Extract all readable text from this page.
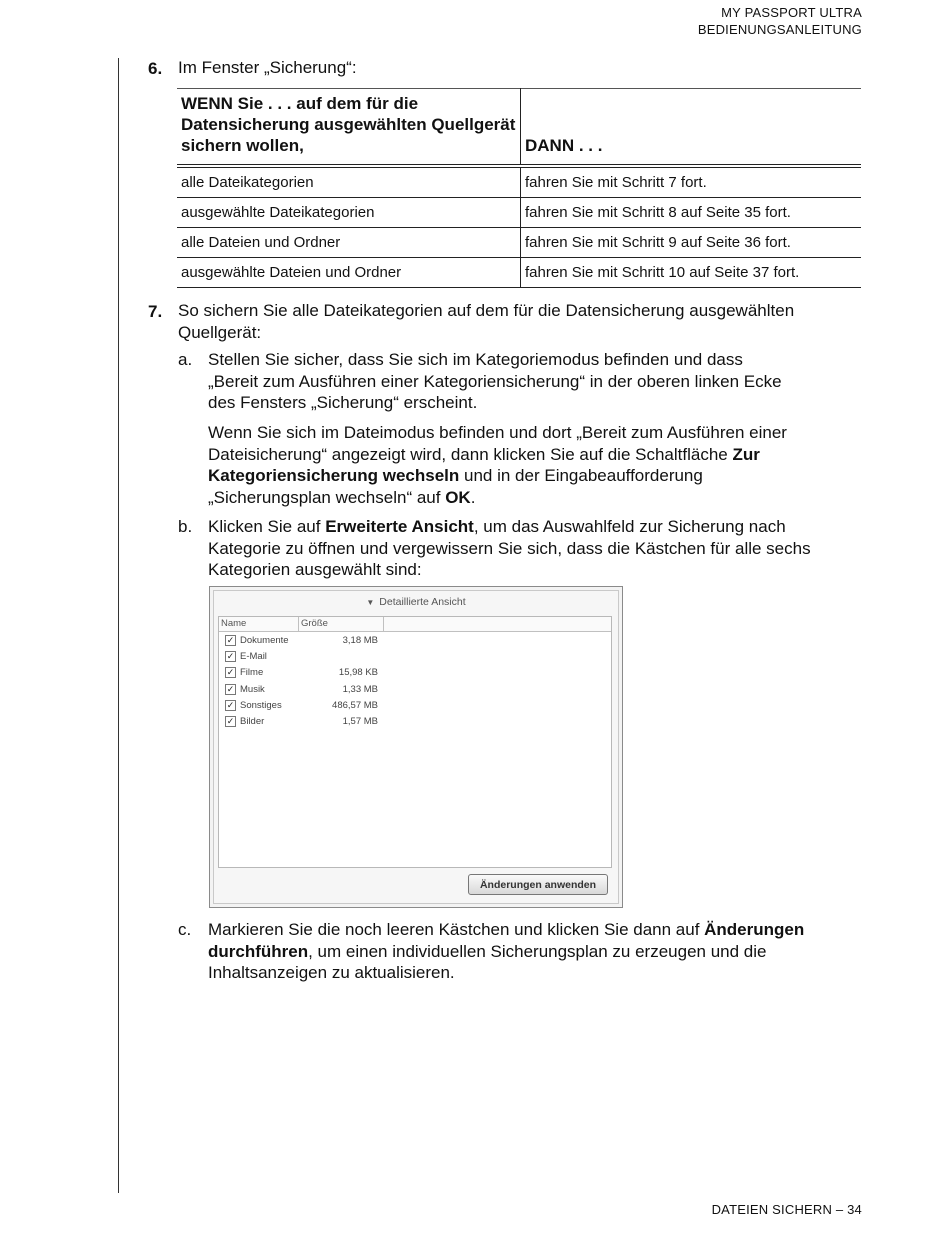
MY PASSPORT ULTRA
BEDIENUNGSANLEITUNG
6. Im Fenster „Sicherung“:
WENN Sie . . . auf dem für die Datensicherung ausgewählten Quellgerät sichern wollen,	DANN . . .
alle Dateikategorien	fahren Sie mit Schritt 7 fort.
ausgewählte Dateikategorien	fahren Sie mit Schritt 8 auf Seite 35 fort.
alle Dateien und Ordner	fahren Sie mit Schritt 9 auf Seite 36 fort.
ausgewählte Dateien und Ordner	fahren Sie mit Schritt 10 auf Seite 37 fort.
7. So sichern Sie alle Dateikategorien auf dem für die Datensicherung ausgewählten Quellgerät:
a. Stellen Sie sicher, dass Sie sich im Kategoriemodus befinden und dass „Bereit zum Ausführen einer Kategoriensicherung“ in der oberen linken Ecke des Fensters „Sicherung“ erscheint.
Wenn Sie sich im Dateimodus befinden und dort „Bereit zum Ausführen einer Dateisicherung“ angezeigt wird, dann klicken Sie auf die Schaltfläche Zur Kategoriensicherung wechseln und in der Eingabeaufforderung „Sicherungsplan wechseln“ auf OK.
b. Klicken Sie auf Erweiterte Ansicht, um das Auswahlfeld zur Sicherung nach Kategorie zu öffnen und vergewissern Sie sich, dass die Kästchen für alle sechs Kategorien ausgewählt sind:
▼ Detaillierte Ansicht
Name	Größe
✓ Dokumente	3,18 MB
✓ E-Mail
✓ Filme	15,98 KB
✓ Musik	1,33 MB
✓ Sonstiges	486,57 MB
✓ Bilder	1,57 MB
Änderungen anwenden
c. Markieren Sie die noch leeren Kästchen und klicken Sie dann auf Änderungen durchführen, um einen individuellen Sicherungsplan zu erzeugen und die Inhaltsanzeigen zu aktualisieren.
DATEIEN SICHERN – 34
